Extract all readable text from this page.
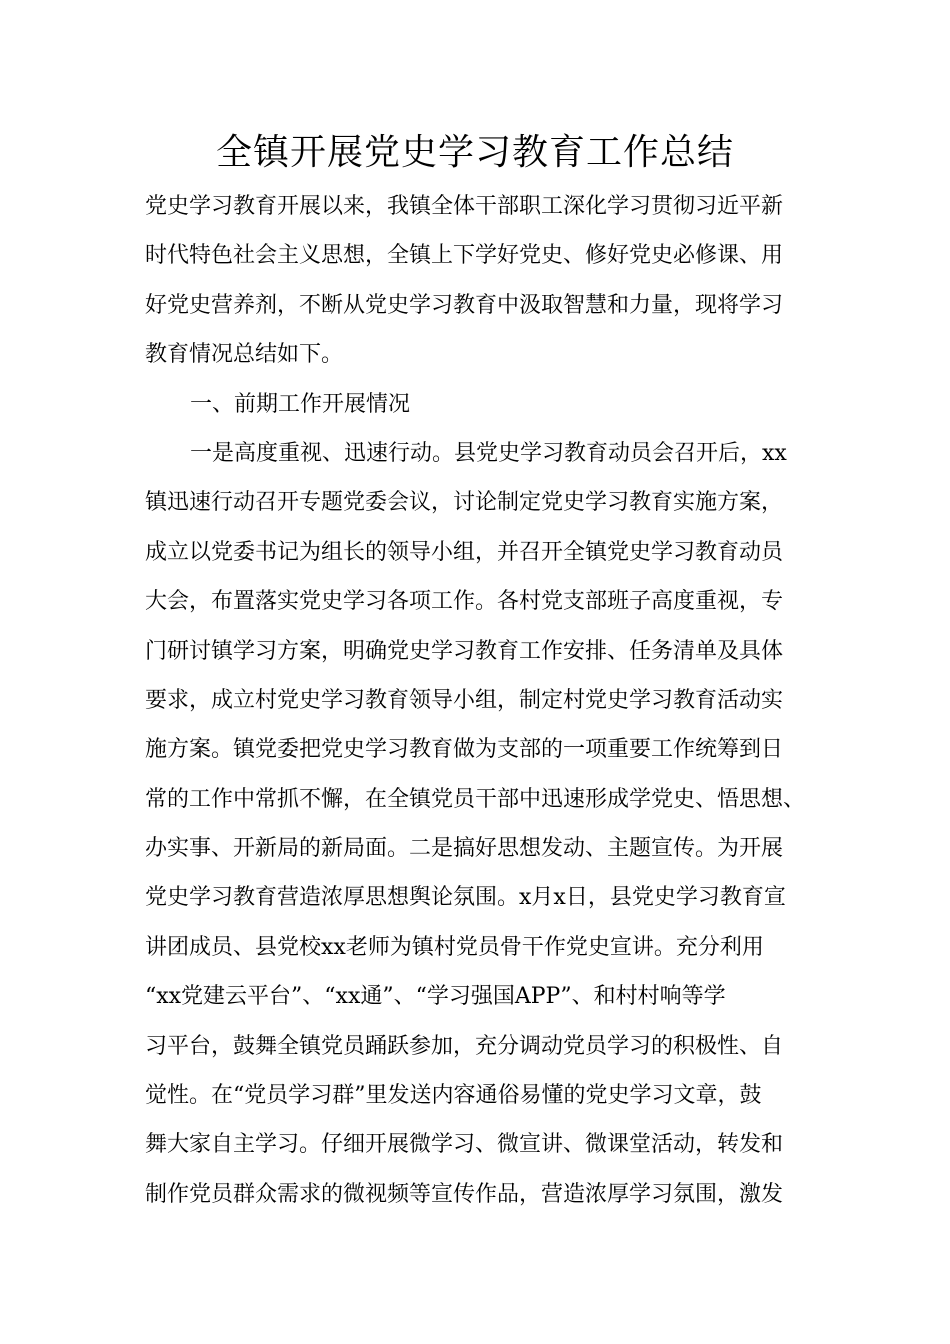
全镇开展党史学习教育工作总结
党史学习教育开展以来，我镇全体干部职工深化学习贯彻习近平新
时代特色社会主义思想，全镇上下学好党史、修好党史必修课、用
好党史营养剂，不断从党史学习教育中汲取智慧和力量，现将学习
教育情况总结如下。
一、前期工作开展情况
一是高度重视、迅速行动。县党史学习教育动员会召开后，xx
镇迅速行动召开专题党委会议，讨论制定党史学习教育实施方案，
成立以党委书记为组长的领导小组，并召开全镇党史学习教育动员
大会，布置落实党史学习各项工作。各村党支部班子高度重视，专
门研讨镇学习方案，明确党史学习教育工作安排、任务清单及具体
要求，成立村党史学习教育领导小组，制定村党史学习教育活动实
施方案。镇党委把党史学习教育做为支部的一项重要工作统筹到日
常的工作中常抓不懈，在全镇党员干部中迅速形成学党史、悟思想、
办实事、开新局的新局面。二是搞好思想发动、主题宣传。为开展
党史学习教育营造浓厚思想舆论氛围。x月x日，县党史学习教育宣
讲团成员、县党校xx老师为镇村党员骨干作党史宣讲。充分利用
“xx党建云平台”、“xx通”、“学习强国APP”、和村村响等学
习平台，鼓舞全镇党员踊跃参加，充分调动党员学习的积极性、自
觉性。在“党员学习群”里发送内容通俗易懂的党史学习文章，鼓
舞大家自主学习。仔细开展微学习、微宣讲、微课堂活动，转发和
制作党员群众需求的微视频等宣传作品，营造浓厚学习氛围，激发
